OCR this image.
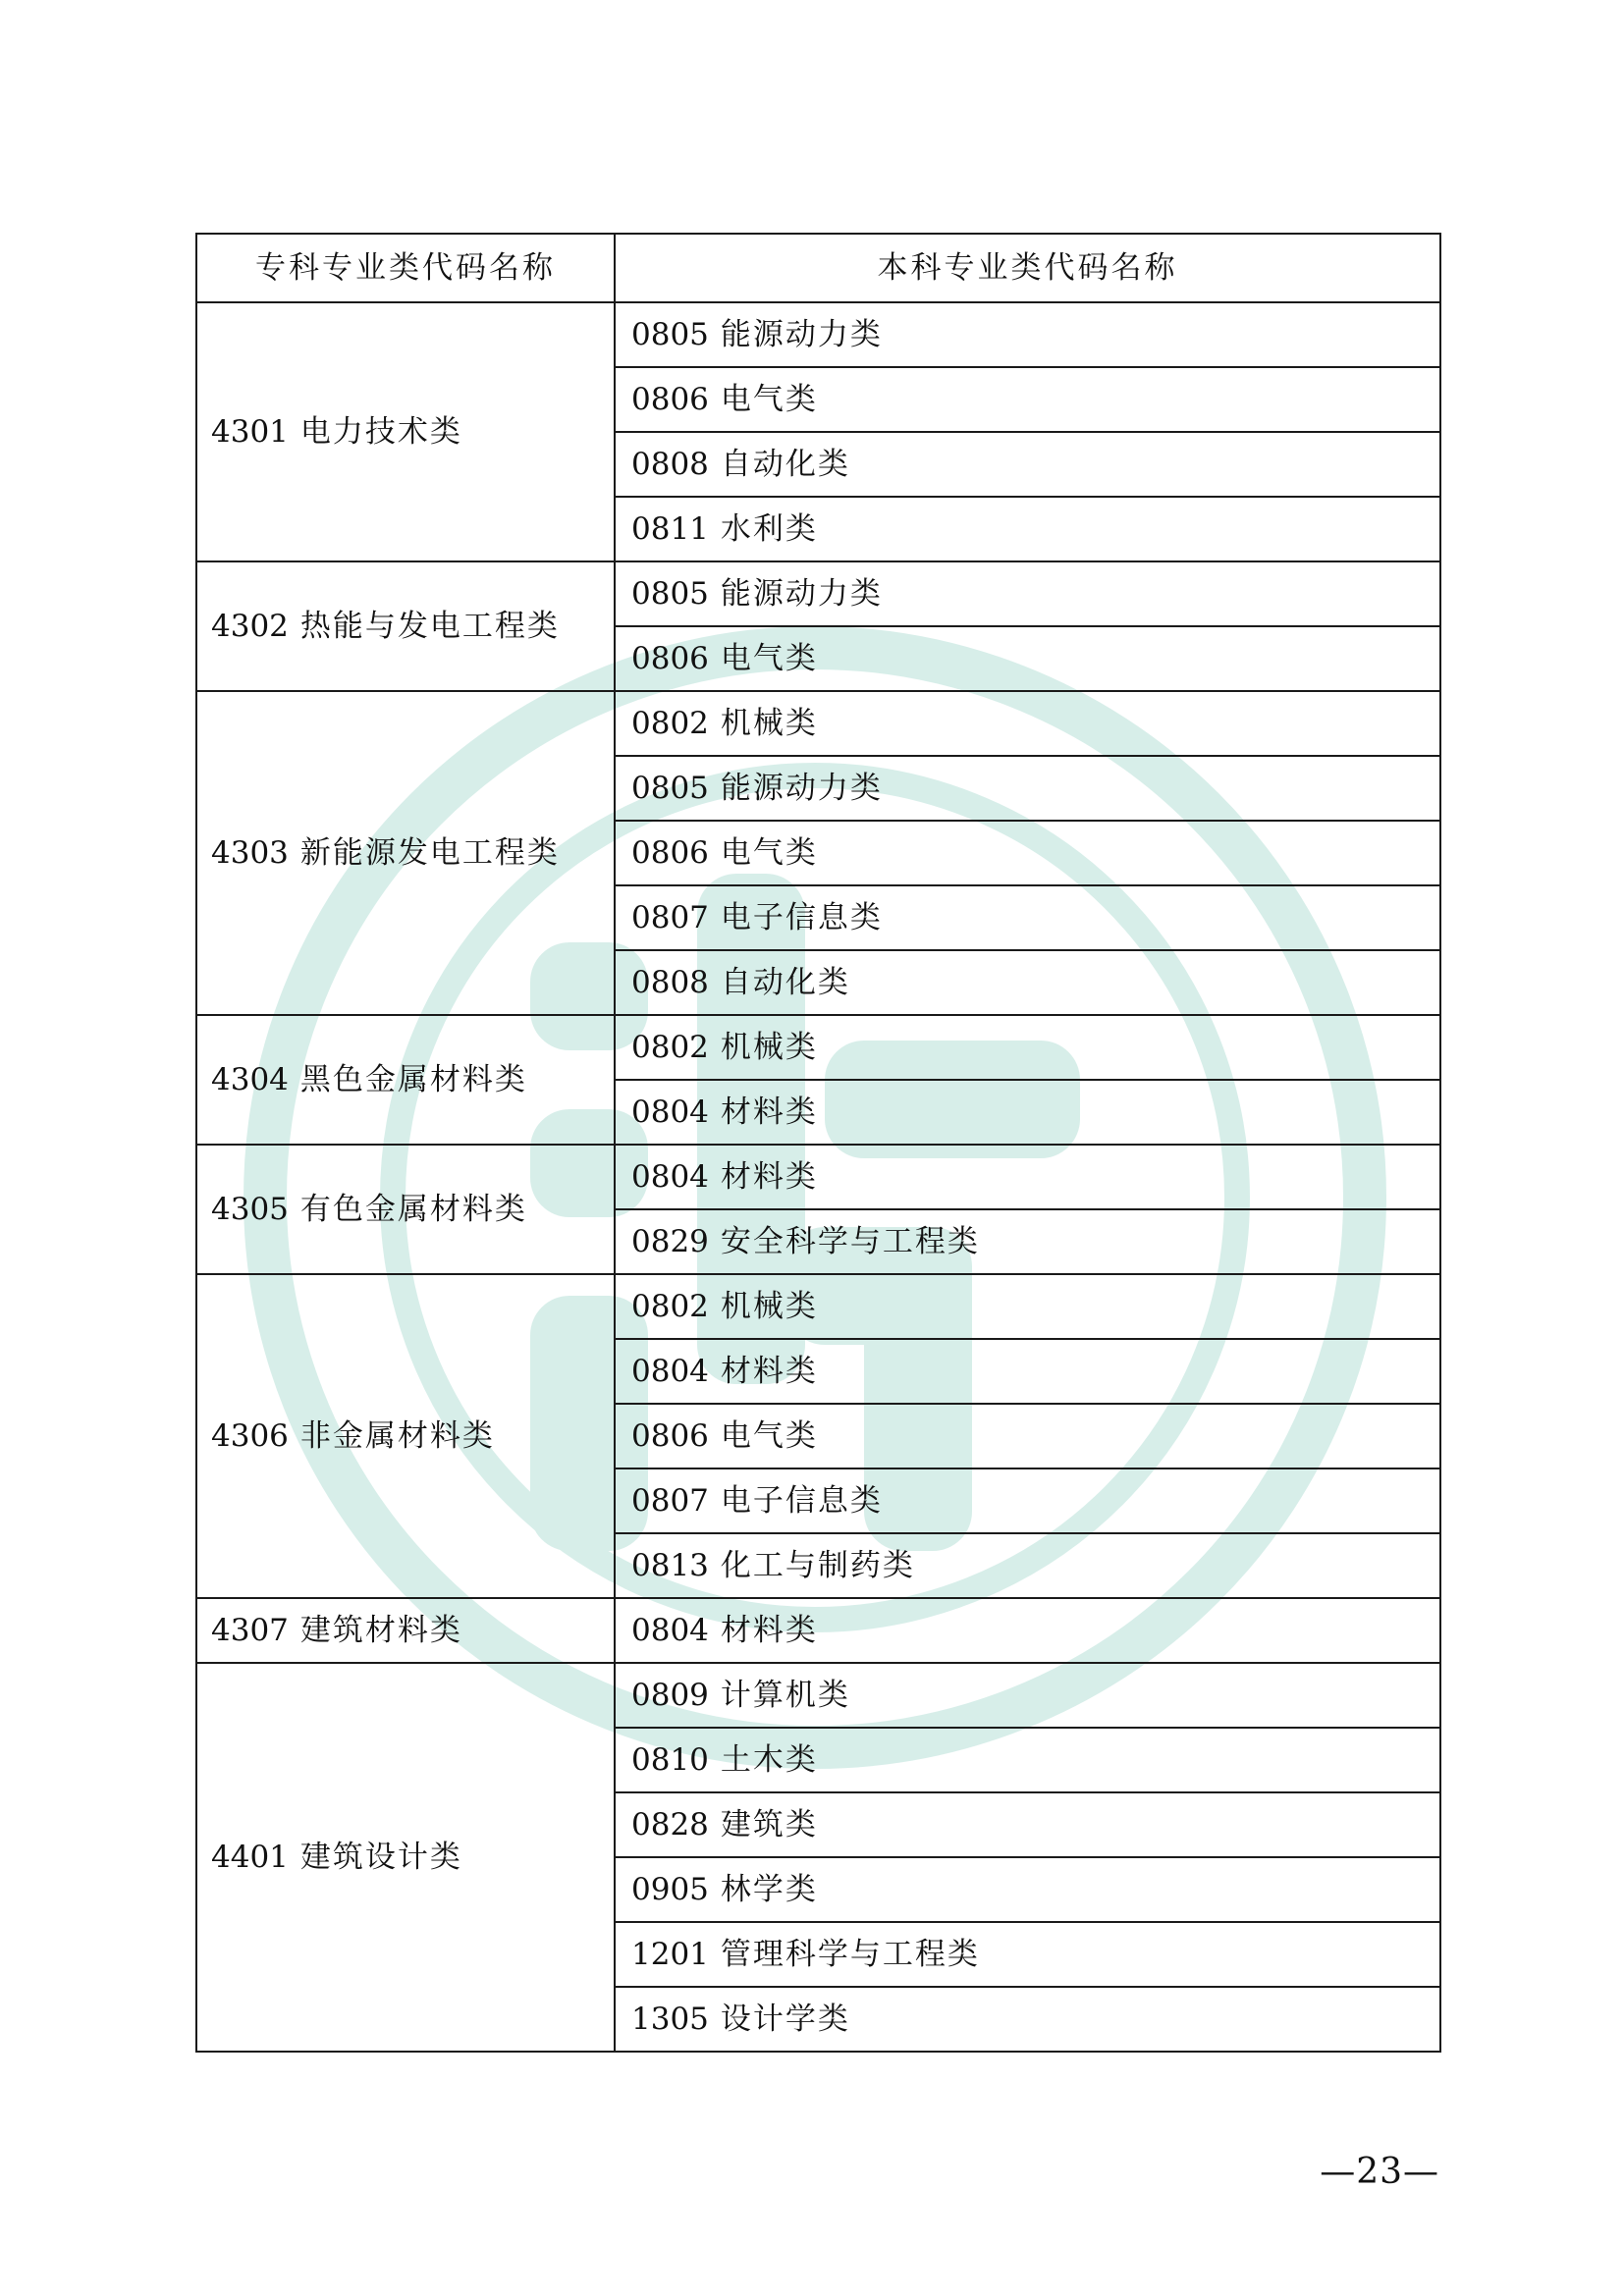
专科专业类代码名称	本科专业类代码名称
4301 电力技术类	0805 能源动力类
	0806 电气类
	0808 自动化类
	0811 水利类
4302 热能与发电工程类	0805 能源动力类
	0806 电气类
4303 新能源发电工程类	0802 机械类
	0805 能源动力类
	0806 电气类
	0807 电子信息类
	0808 自动化类
4304 黑色金属材料类	0802 机械类
	0804 材料类
4305 有色金属材料类	0804 材料类
	0829 安全科学与工程类
4306 非金属材料类	0802 机械类
	0804 材料类
	0806 电气类
	0807 电子信息类
	0813 化工与制药类
4307 建筑材料类	0804 材料类
4401 建筑设计类	0809 计算机类
	0810 土木类
	0828 建筑类
	0905 林学类
	1201 管理科学与工程类
	1305 设计学类
—23—
